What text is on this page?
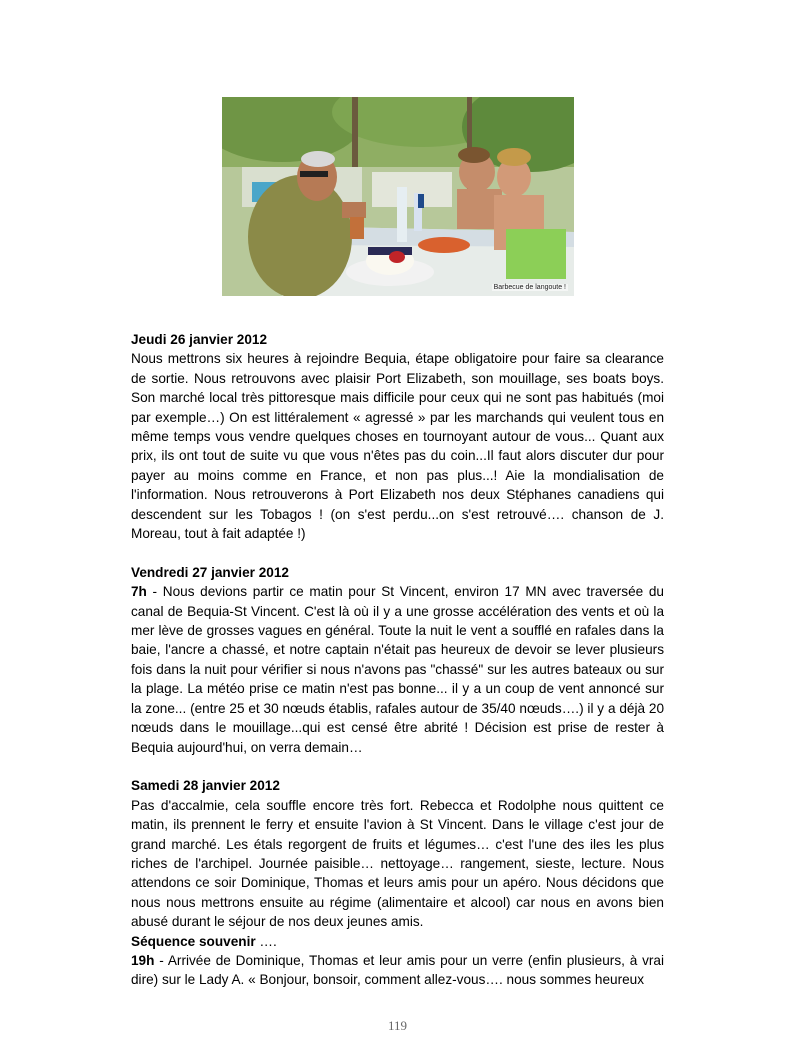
Barbecue de langoute !
Jeudi 26 janvier 2012

Nous mettrons six heures à rejoindre Bequia, étape obligatoire pour faire sa clearance de sortie. Nous retrouvons avec plaisir Port Elizabeth, son mouillage, ses boats boys. Son marché local très pittoresque mais difficile pour ceux qui ne sont pas habitués (moi par exemple…) On est littéralement « agressé » par les marchands qui veulent tous en même temps vous vendre quelques choses en tournoyant autour de vous... Quant aux prix, ils ont tout de suite vu que vous n'êtes pas du coin...Il faut alors discuter dur pour payer au moins comme en France, et non pas plus...! Aie la mondialisation de l'information. Nous retrouverons à Port Elizabeth nos deux Stéphanes canadiens qui descendent sur les Tobagos ! (on s'est perdu...on s'est retrouvé…. chanson de J. Moreau, tout à fait adaptée !)

Vendredi 27 janvier 2012

7h - Nous devions partir ce matin pour St Vincent, environ 17 MN avec traversée du canal de Bequia-St Vincent. C'est là où il y a une grosse accélération des vents et où la mer lève de grosses vagues en général. Toute la nuit le vent a soufflé en rafales dans la baie, l'ancre a chassé, et notre captain n'était pas heureux de devoir se lever plusieurs fois dans la nuit pour vérifier si nous n'avons pas "chassé" sur les autres bateaux ou sur la plage. La météo prise ce matin n'est pas bonne... il y a un coup de vent annoncé sur la zone... (entre 25 et 30 nœuds établis, rafales autour de 35/40 nœuds….) il y a déjà 20 nœuds dans le mouillage...qui est censé être abrité ! Décision est prise de rester à Bequia aujourd'hui, on verra demain…

Samedi 28 janvier 2012

Pas d'accalmie, cela souffle encore très fort. Rebecca et Rodolphe nous quittent ce matin, ils prennent le ferry et ensuite l'avion à St Vincent. Dans le village c'est jour de grand marché. Les étals regorgent de fruits et légumes… c'est l'une des iles les plus riches de l'archipel. Journée paisible… nettoyage… rangement, sieste, lecture. Nous attendons ce soir Dominique, Thomas et leurs amis pour un apéro. Nous décidons que nous nous mettrons ensuite au régime (alimentaire et alcool) car nous en avons bien abusé durant le séjour de nos deux jeunes amis.

Séquence souvenir ….

19h - Arrivée de Dominique, Thomas et leur amis pour un verre (enfin plusieurs, à vrai dire) sur le Lady A. « Bonjour, bonsoir, comment allez-vous…. nous sommes heureux

119
